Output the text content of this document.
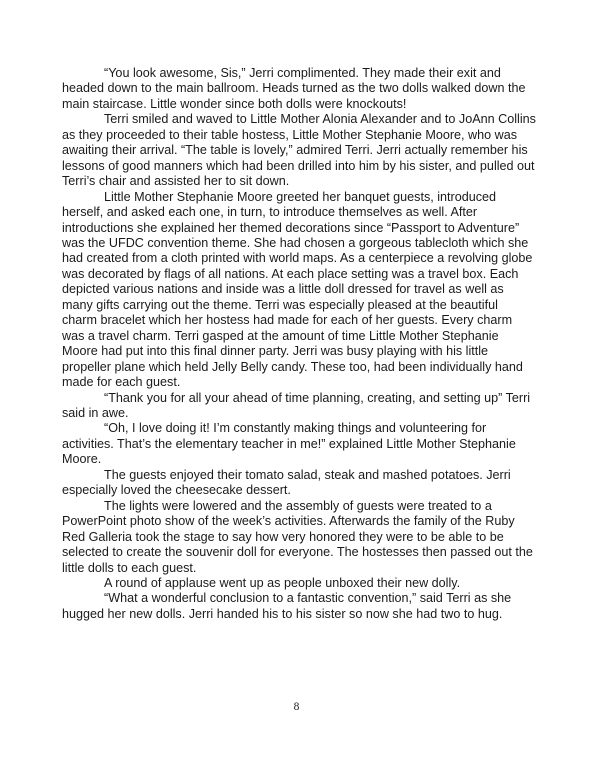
“You look awesome, Sis,” Jerri complimented. They made their exit and headed down to the main ballroom. Heads turned as the two dolls walked down the main staircase. Little wonder since both dolls were knockouts!

Terri smiled and waved to Little Mother Alonia Alexander and to JoAnn Collins as they proceeded to their table hostess, Little Mother Stephanie Moore, who was awaiting their arrival. “The table is lovely,” admired Terri. Jerri actually remember his lessons of good manners which had been drilled into him by his sister, and pulled out Terri’s chair and assisted her to sit down.

Little Mother Stephanie Moore greeted her banquet guests, introduced herself, and asked each one, in turn, to introduce themselves as well. After introductions she explained her themed decorations since “Passport to Adventure” was the UFDC convention theme. She had chosen a gorgeous tablecloth which she had created from a cloth printed with world maps. As a centerpiece a revolving globe was decorated by flags of all nations. At each place setting was a travel box. Each depicted various nations and inside was a little doll dressed for travel as well as many gifts carrying out the theme. Terri was especially pleased at the beautiful charm bracelet which her hostess had made for each of her guests. Every charm was a travel charm. Terri gasped at the amount of time Little Mother Stephanie Moore had put into this final dinner party. Jerri was busy playing with his little propeller plane which held Jelly Belly candy. These too, had been individually hand made for each guest.

“Thank you for all your ahead of time planning, creating, and setting up” Terri said in awe.

“Oh, I love doing it! I’m constantly making things and volunteering for activities. That’s the elementary teacher in me!” explained Little Mother Stephanie Moore.

The guests enjoyed their tomato salad, steak and mashed potatoes. Jerri especially loved the cheesecake dessert.

The lights were lowered and the assembly of guests were treated to a PowerPoint photo show of the week’s activities. Afterwards the family of the Ruby Red Galleria took the stage to say how very honored they were to be able to be selected to create the souvenir doll for everyone. The hostesses then passed out the little dolls to each guest.

A round of applause went up as people unboxed their new dolly.

“What a wonderful conclusion to a fantastic convention,” said Terri as she hugged her new dolls. Jerri handed his to his sister so now she had two to hug.

8
